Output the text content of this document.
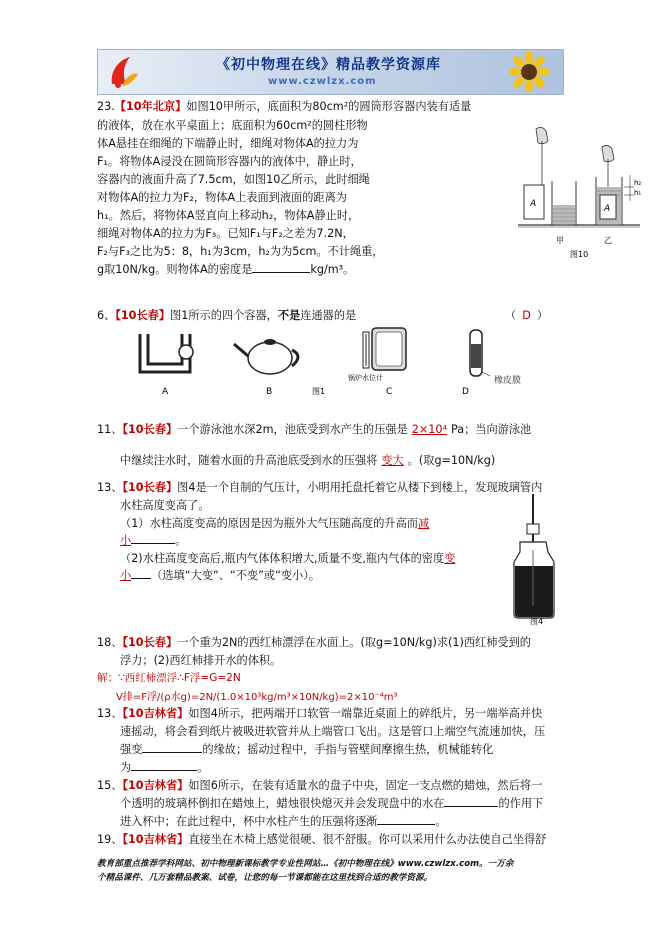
《初中物理在线》精品教学资源库
www.czwlzx.com
23.【10年北京】如图10甲所示，底面积为80cm²的圆筒形容器内装有适量
的液体，放在水平桌面上；底面积为60cm²的圆柱形物
体A悬挂在细绳的下端静止时，细绳对物体A的拉力为
F₁。将物体A浸没在圆筒形容器内的液体中，静止时，
容器内的液面升高了7.5cm，如图10乙所示，此时细绳
对物体A的拉力为F₂，物体A上表面到液面的距离为
h₁。然后，将物体A竖直向上移动h₂，物体A静止时，
细绳对物体A的拉力为F₃。已知F₁与F₂之差为7.2N，
F₂与F₃之比为5：8，h₁为3cm，h₂为为5cm。不计绳重，
g取10N/kg。则物体A的密度是	kg/m³。
A
甲
A
h₂
h₁
乙
图10
6、【10长春】图1所示的四个容器，不是连通器的是	（ D ）
A	B
锅炉水位计
C	D
图1
橡皮膜
11、【10长春】一个游泳池水深2m，池底受到水产生的压强是 2×10⁴ Pa；当向游泳池
中继续注水时，随着水面的升高池底受到水的压强将 变大 。(取g=10N/kg)
13、【10长春】图4是一个自制的气压计，小明用托盘托着它从楼下到楼上，发现玻璃管内
水柱高度变高了。
（1）水柱高度变高的原因是因为瓶外大气压随高度的升高而减
小	。
（2)水柱高度变高后,瓶内气体体积增大,质量不变,瓶内气体的密度变
小 （选填“大变”、“不变”或“变小）。
图4
18、【10长春】一个重为2N的西红柿漂浮在水面上。(取g=10N/kg)求(1)西红柿受到的
浮力；(2)西红柿排开水的体积。
解：∵西红柿漂浮∴F浮=G=2N
V排=F浮/(ρ水g)=2N/(1.0×10³kg/m³×10N/kg)=2×10⁻⁴m³
13、【10吉林省】如图4所示，把两端开口软管一端靠近桌面上的碎纸片，另一端举高并快
速摇动，将会看到纸片被吸进软管并从上端管口飞出。这是管口上端空气流速加快，压
强变	的缘故；摇动过程中，手指与管壁间摩擦生热，机械能转化
为	。
15、【10吉林省】如图6所示，在装有适量水的盘子中央，固定一支点燃的蜡烛，然后将一
个透明的玻璃杯倒扣在蜡烛上，蜡烛很快熄灭并会发现盘中的水在	的作用下
进入杯中；在此过程中，杯中水柱产生的压强将逐渐	。
19、【10吉林省】直接坐在木椅上感觉很硬、很不舒服。你可以采用什么办法使自己坐得舒
教育部重点推荐学科网站、初中物理新课标教学专业性网站…《初中物理在线》www.czwlzx.com。一万余
个精品课件、几万套精品教案、试卷，让您的每一节课都能在这里找到合适的教学资源。
